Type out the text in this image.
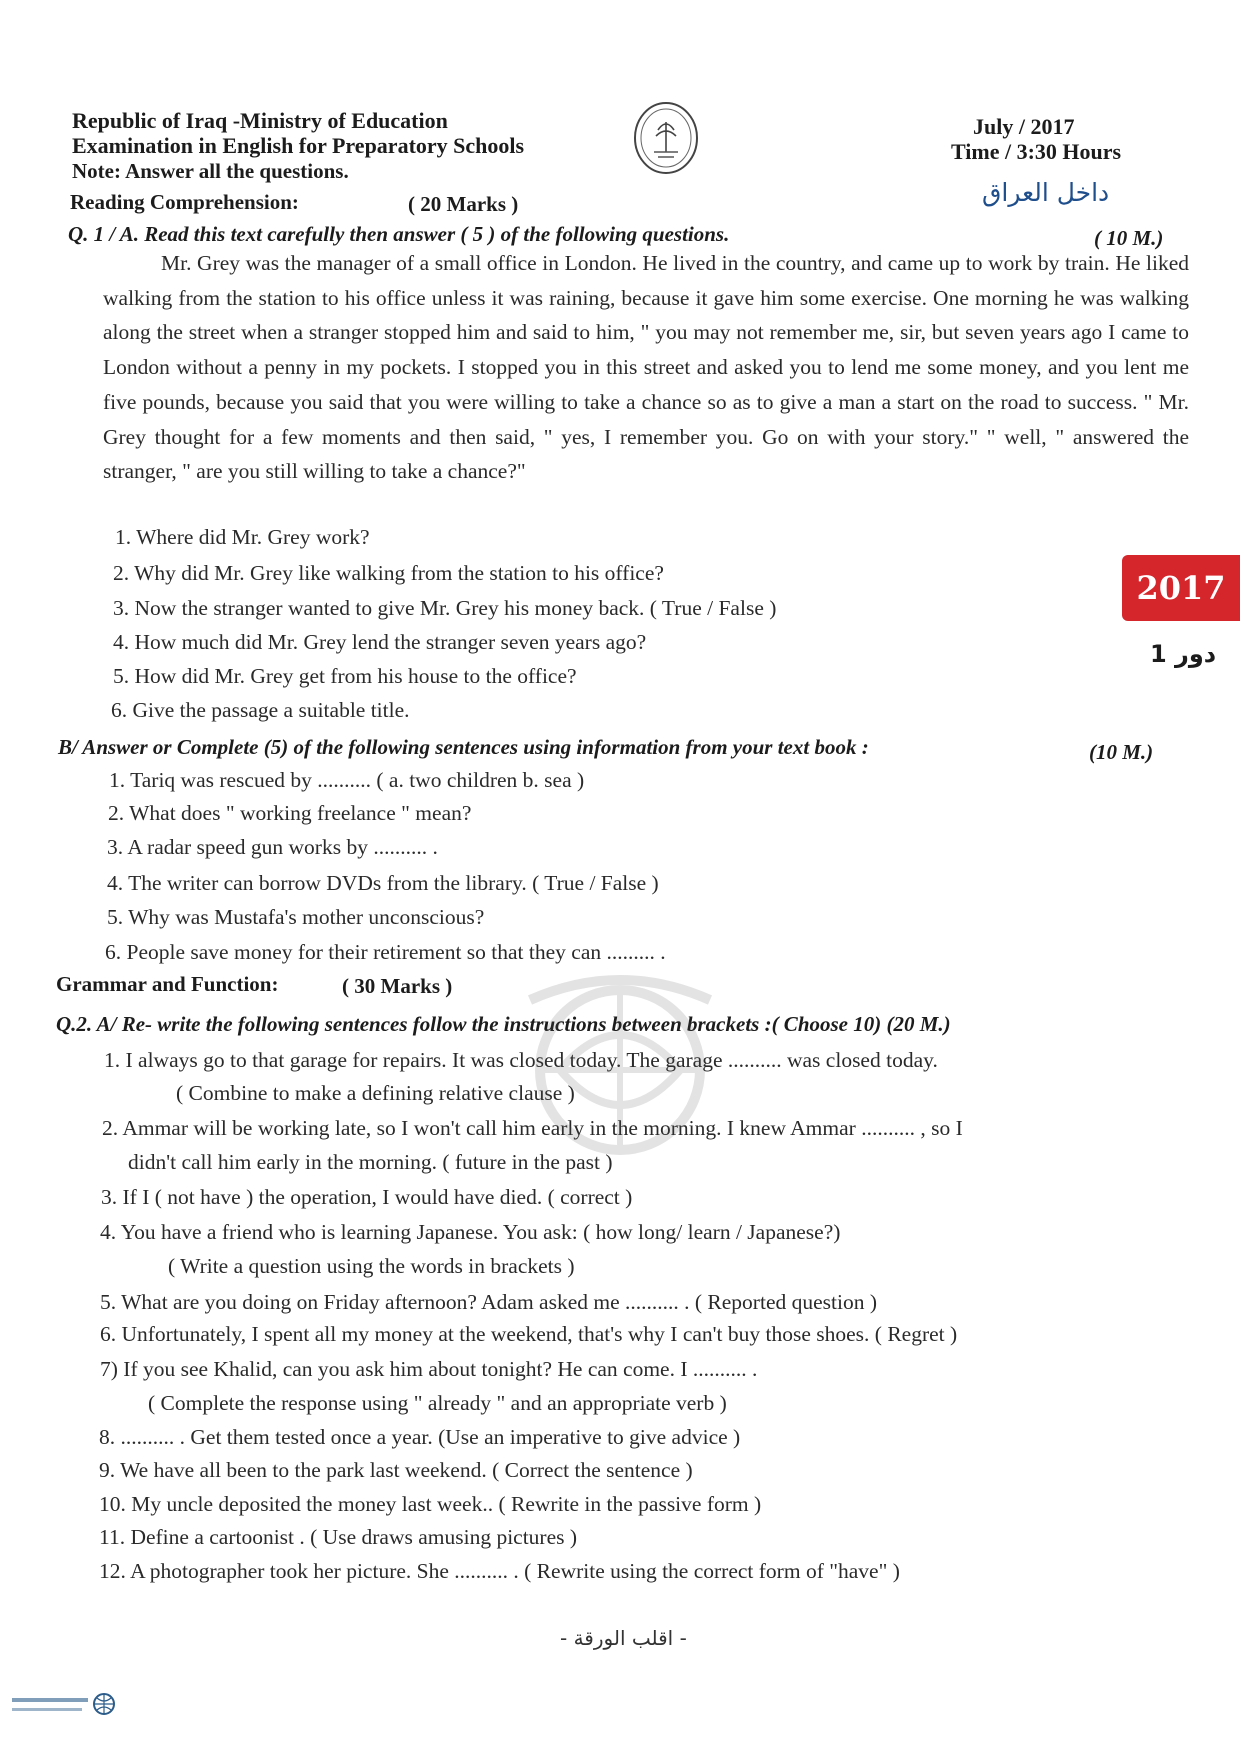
Republic of Iraq -Ministry of Education
Examination in English for Preparatory Schools
Note: Answer all the questions.
July / 2017
Time / 3:30 Hours
داخل العراق
Reading Comprehension:	( 20 Marks )
Q. 1 / A. Read this text carefully then answer ( 5 ) of the following questions.	( 10 M.)
Mr. Grey was the manager of a small office in London. He lived in the country, and came up to work by train. He liked walking from the station to his office unless it was raining, because it gave him some exercise. One morning he was walking along the street when a stranger stopped him and said to him, " you may not remember me, sir, but seven years ago I came to London without a penny in my pockets. I stopped you in this street and asked you to lend me some money, and you lent me five pounds, because you said that you were willing to take a chance so as to give a man a start on the road to success. " Mr. Grey thought for a few moments and then said, " yes, I remember you. Go on with your story." " well, " answered the stranger, " are you still willing to take a chance?"
1. Where did Mr. Grey work?
2. Why did Mr. Grey like walking from the station to his office?
3. Now the stranger wanted to give Mr. Grey his money back. ( True / False )
4. How much did Mr. Grey lend the stranger seven years ago?
5. How did Mr. Grey get from his house to the office?
6. Give the passage a suitable title.
B/ Answer or Complete (5) of the following sentences using information from your text book :	(10 M.)
1. Tariq was rescued by .......... ( a. two children b. sea )
2. What does " working freelance " mean?
3. A radar speed gun works by .......... .
4. The writer can borrow DVDs from the library. ( True / False )
5. Why was Mustafa's mother unconscious?
6. People save money for their retirement so that they can ......... .
Grammar and Function:	( 30 Marks )
Q.2. A/ Re- write the following sentences follow the instructions between brackets :( Choose 10) (20 M.)
1. I always go to that garage for repairs. It was closed today. The garage .......... was closed today.
( Combine to make a defining relative clause )
2. Ammar will be working late, so I won't call him early in the morning. I knew Ammar .......... , so I
didn't call him early in the morning. ( future in the past )
3. If I ( not have ) the operation, I would have died. ( correct )
4. You have a friend who is learning Japanese. You ask: ( how long/ learn / Japanese?)
( Write a question using the words in brackets )
5. What are you doing on Friday afternoon? Adam asked me .......... . ( Reported question )
6. Unfortunately, I spent all my money at the weekend, that's why I can't buy those shoes. ( Regret )
7) If you see Khalid, can you ask him about tonight? He can come. I .......... .
( Complete the response using " already " and an appropriate verb )
8. .......... . Get them tested once a year. (Use an imperative to give advice )
9. We have all been to the park last weekend. ( Correct the sentence )
10. My uncle deposited the money last week.. ( Rewrite in the passive form )
11. Define a cartoonist . ( Use draws amusing pictures )
12. A photographer took her picture. She .......... . ( Rewrite using the correct form of "have" )
2017
دور 1
- اقلب الورقة -
